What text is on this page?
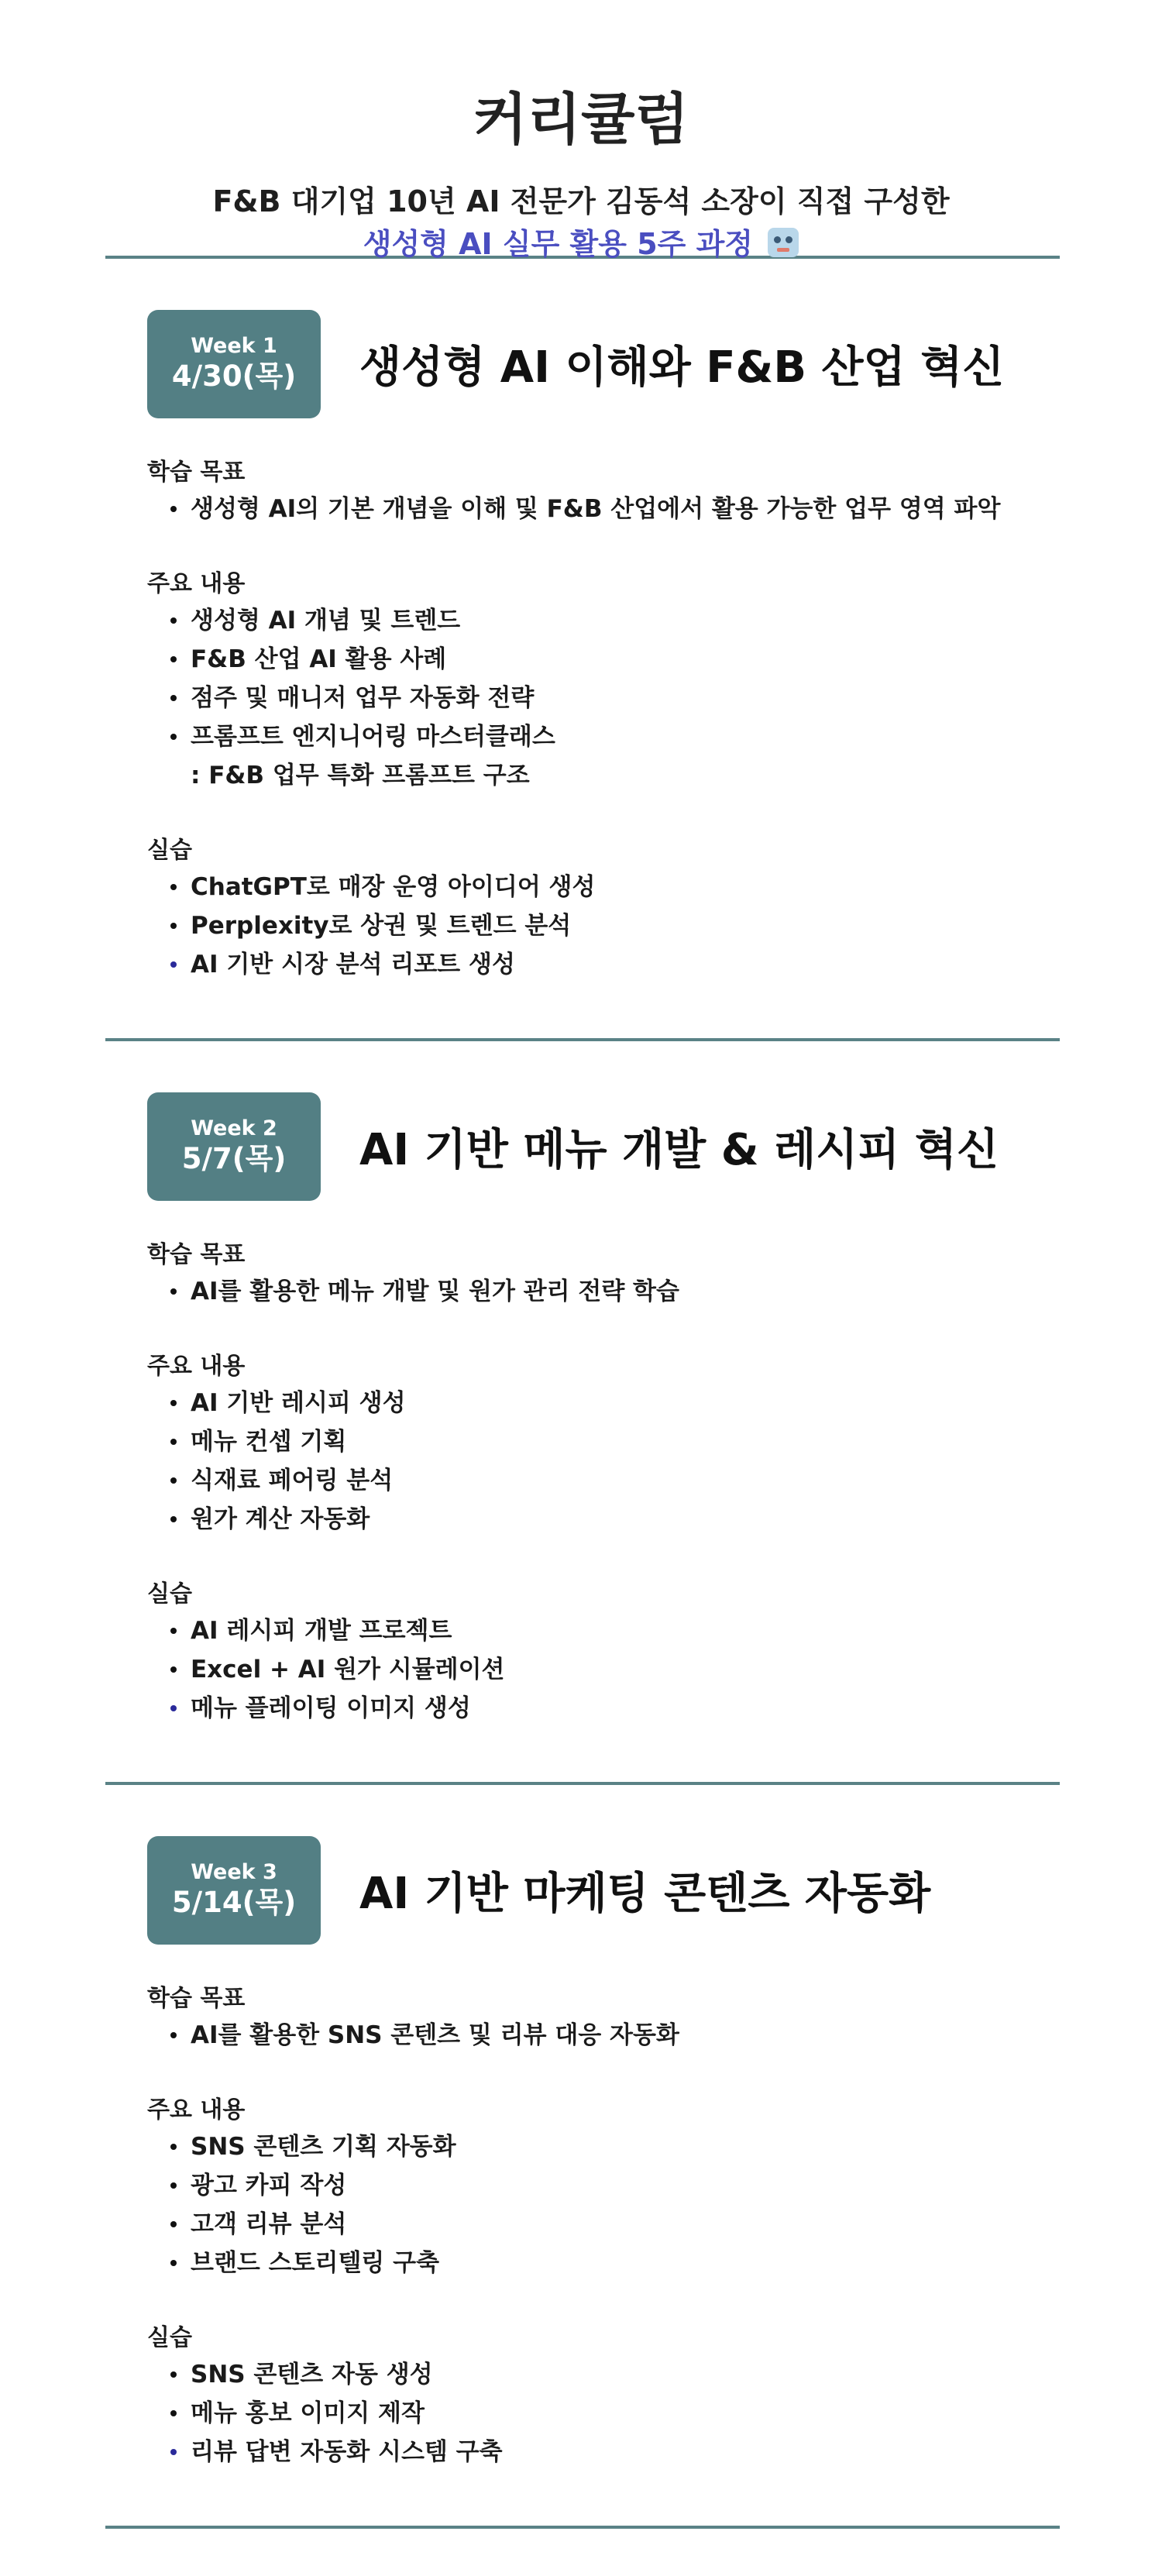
커리큘럼
F&B 대기업 10년 AI 전문가 김동석 소장이 직접 구성한
생성형 AI 실무 활용 5주 과정
Week 1
4/30(목) 생성형 AI 이해와 F&B 산업 혁신
학습 목표
생성형 AI의 기본 개념을 이해 및 F&B 산업에서 활용 가능한 업무 영역 파악
주요 내용
생성형 AI 개념 및 트렌드
F&B 산업 AI 활용 사례
점주 및 매니저 업무 자동화 전략
프롬프트 엔지니어링 마스터클래스
: F&B 업무 특화 프롬프트 구조
실습
ChatGPT로 매장 운영 아이디어 생성
Perplexity로 상권 및 트렌드 분석
AI 기반 시장 분석 리포트 생성
Week 2
5/7(목) AI 기반 메뉴 개발 & 레시피 혁신
학습 목표
AI를 활용한 메뉴 개발 및 원가 관리 전략 학습
주요 내용
AI 기반 레시피 생성
메뉴 컨셉 기획
식재료 페어링 분석
원가 계산 자동화
실습
AI 레시피 개발 프로젝트
Excel + AI 원가 시뮬레이션
메뉴 플레이팅 이미지 생성
Week 3
5/14(목) AI 기반 마케팅 콘텐츠 자동화
학습 목표
AI를 활용한 SNS 콘텐츠 및 리뷰 대응 자동화
주요 내용
SNS 콘텐츠 기획 자동화
광고 카피 작성
고객 리뷰 분석
브랜드 스토리텔링 구축
실습
SNS 콘텐츠 자동 생성
메뉴 홍보 이미지 제작
리뷰 답변 자동화 시스템 구축
